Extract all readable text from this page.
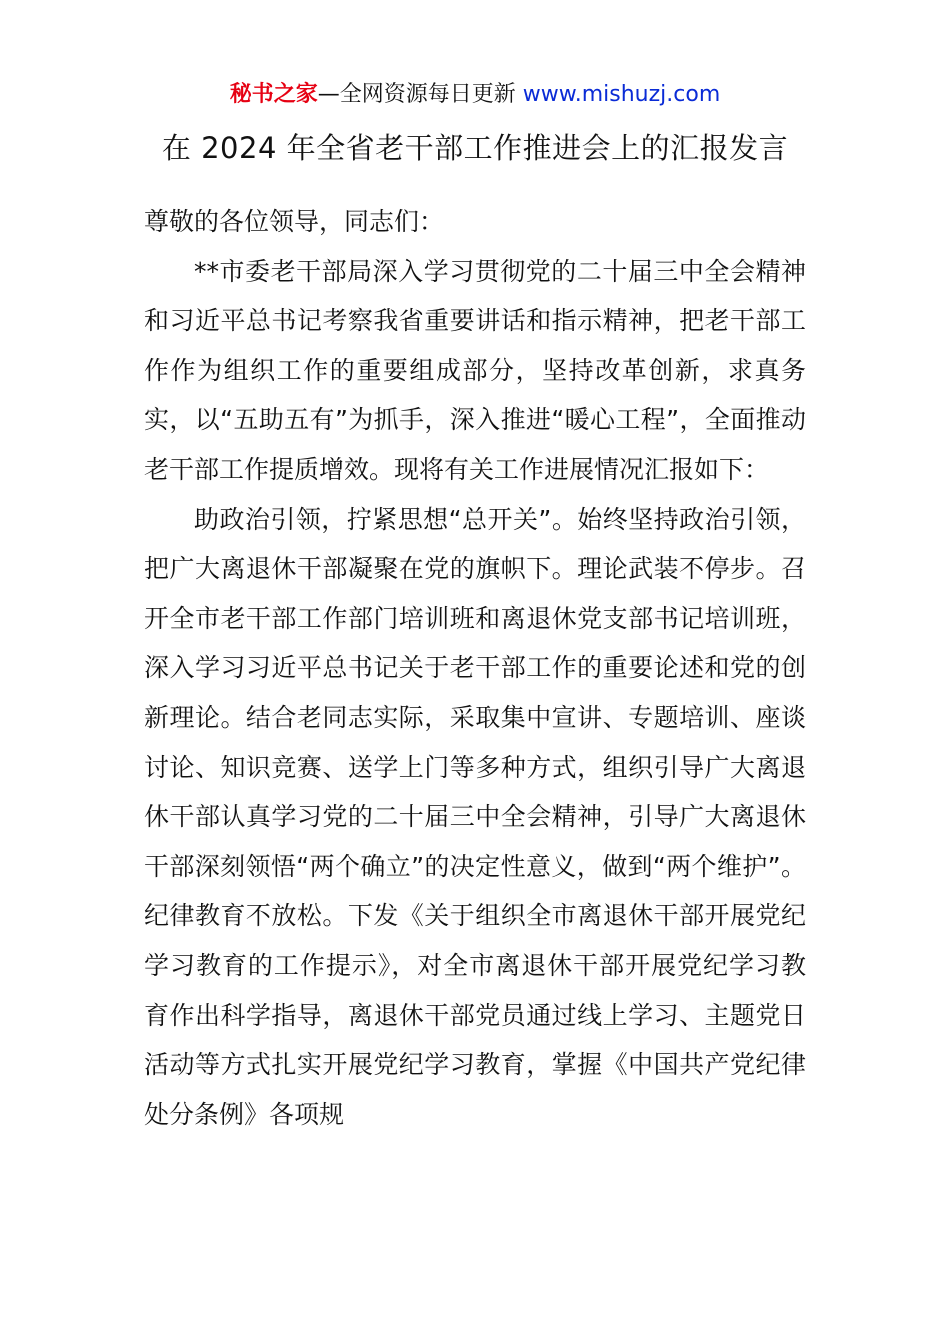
秘书之家—全网资源每日更新 www.mishuzj.com
在 2024 年全省老干部工作推进会上的汇报发言

尊敬的各位领导，同志们：

**市委老干部局深入学习贯彻党的二十届三中全会精神和习近平总书记考察我省重要讲话和指示精神，把老干部工作作为组织工作的重要组成部分，坚持改革创新，求真务实，以“五助五有”为抓手，深入推进“暖心工程”，全面推动老干部工作提质增效。现将有关工作进展情况汇报如下：

助政治引领，拧紧思想“总开关”。始终坚持政治引领，把广大离退休干部凝聚在党的旗帜下。理论武装不停步。召开全市老干部工作部门培训班和离退休党支部书记培训班，深入学习习近平总书记关于老干部工作的重要论述和党的创新理论。结合老同志实际，采取集中宣讲、专题培训、座谈讨论、知识竞赛、送学上门等多种方式，组织引导广大离退休干部认真学习党的二十届三中全会精神，引导广大离退休干部深刻领悟“两个确立”的决定性意义，做到“两个维护”。纪律教育不放松。下发《关于组织全市离退休干部开展党纪学习教育的工作提示》，对全市离退休干部开展党纪学习教育作出科学指导，离退休干部党员通过线上学习、主题党日活动等方式扎实开展党纪学习教育，掌握《中国共产党纪律处分条例》各项规
